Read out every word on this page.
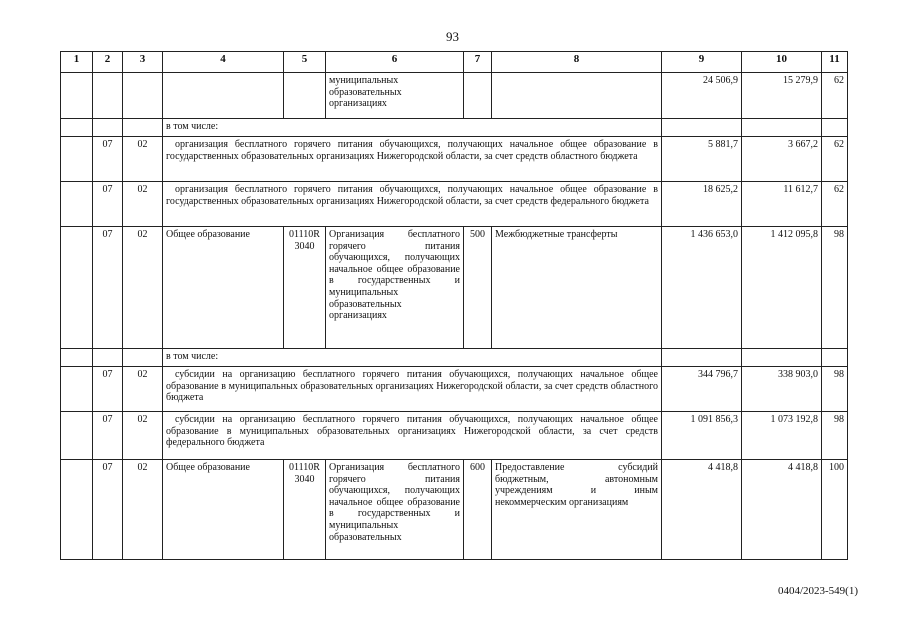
93
1	2	3	4	5	6	7	8	9	10	11
					муниципальных образовательных организациях			24 506,9	15 279,9	62
			в том числе:							
	07	02	организация бесплатного горячего питания обучающихся, получающих начальное общее образование в государственных образовательных организациях Нижегородской области, за счет средств областного бюджета					5 881,7	3 667,2	62
	07	02	организация бесплатного горячего питания обучающихся, получающих начальное общее образование в государственных образовательных организациях Нижегородской области, за счет средств федерального бюджета					18 625,2	11 612,7	62
	07	02	Общее образование	01110R 3040	Организация бесплатного горячего питания обучающихся, получающих начальное общее образование в государственных и муниципальных образовательных организациях	500	Межбюджетные трансферты	1 436 653,0	1 412 095,8	98
			в том числе:							
	07	02	субсидии на организацию бесплатного горячего питания обучающихся, получающих начальное общее образование в муниципальных образовательных организациях Нижегородской области, за счет средств областного бюджета					344 796,7	338 903,0	98
	07	02	субсидии на организацию бесплатного горячего питания обучающихся, получающих начальное общее образование в муниципальных образовательных организациях Нижегородской области, за счет средств федерального бюджета					1 091 856,3	1 073 192,8	98
	07	02	Общее образование	01110R 3040	Организация бесплатного горячего питания обучающихся, получающих начальное общее образование в государственных и муниципальных образовательных	600	Предоставление субсидий бюджетным, автономным учреждениям и иным некоммерческим организациям	4 418,8	4 418,8	100
0404/2023-549(1)
